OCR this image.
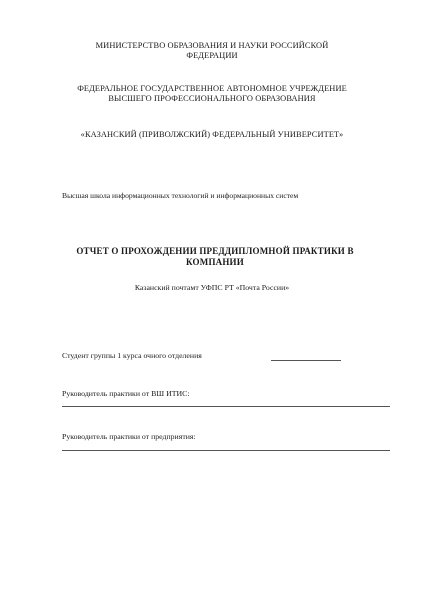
МИНИСТЕРСТВО ОБРАЗОВАНИЯ И НАУКИ РОССИЙСКОЙ
ФЕДЕРАЦИИ
ФЕДЕРАЛЬНОЕ ГОСУДАРСТВЕННОЕ АВТОНОМНОЕ УЧРЕЖДЕНИЕ
ВЫСШЕГО ПРОФЕССИОНАЛЬНОГО ОБРАЗОВАНИЯ
«КАЗАНСКИЙ (ПРИВОЛЖСКИЙ) ФЕДЕРАЛЬНЫЙ УНИВЕРСИТЕТ»
Высшая школа информационных технологий и информационных систем
ОТЧЕТ О ПРОХОЖДЕНИИ ПРЕДДИПЛОМНОЙ ПРАКТИКИ В
КОМПАНИИ
Казанский почтамт УФПС РТ «Почта России»
Студент группы 1 курса очного отделения
Руководитель практики от ВШ ИТИС:
Руководитель практики от предприятия:
